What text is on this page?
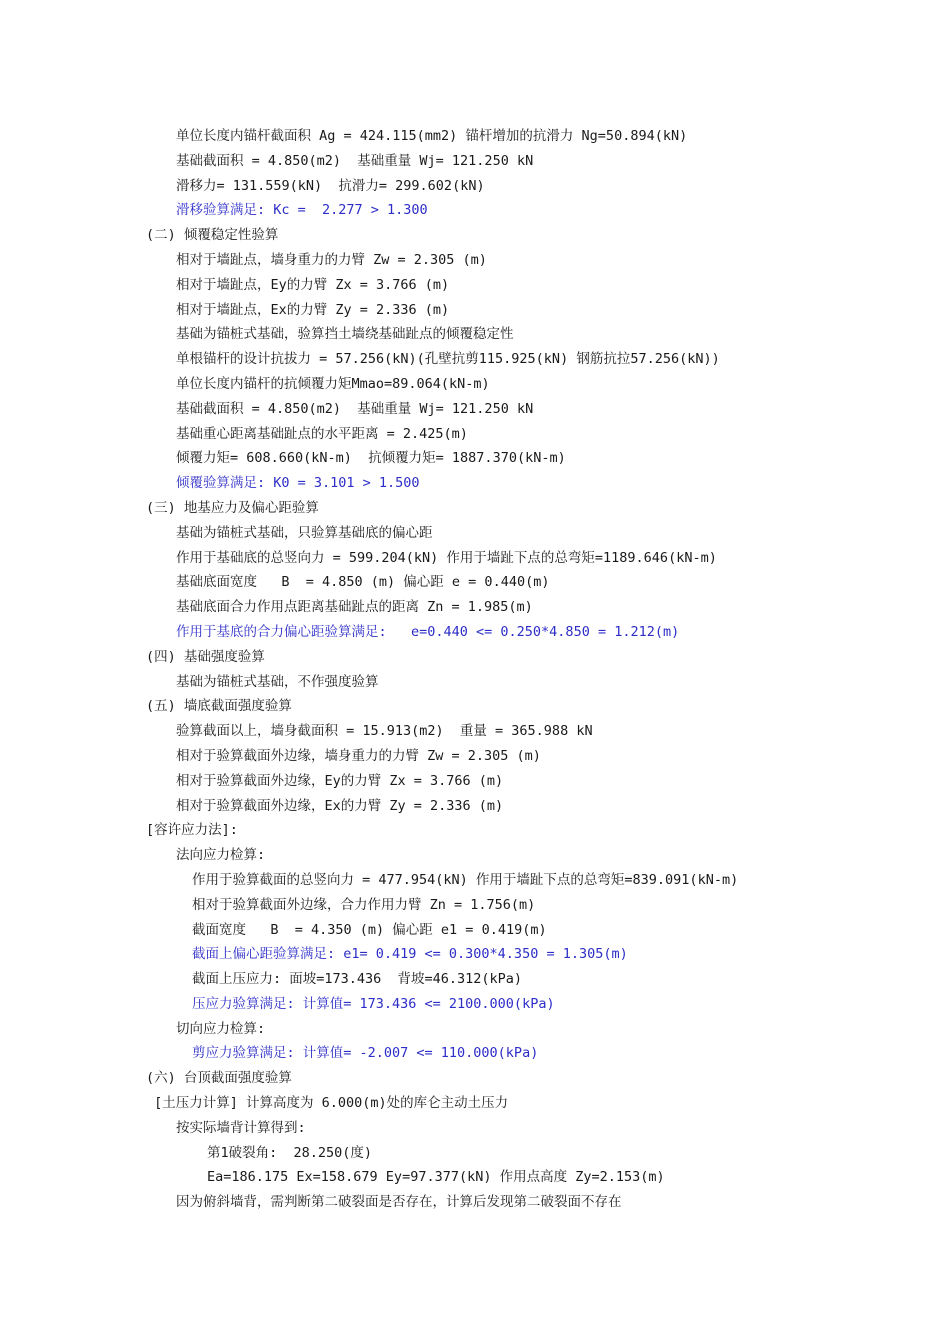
单位长度内锚杆截面积 Ag = 424.115(mm2) 锚杆增加的抗滑力 Ng=50.894(kN)
基础截面积 = 4.850(m2)  基础重量 Wj= 121.250 kN
滑移力= 131.559(kN)  抗滑力= 299.602(kN)
滑移验算满足: Kc =  2.277 > 1.300
(二) 倾覆稳定性验算
相对于墙趾点，墙身重力的力臂 Zw = 2.305 (m)
相对于墙趾点，Ey的力臂 Zx = 3.766 (m)
相对于墙趾点，Ex的力臂 Zy = 2.336 (m)
基础为锚桩式基础，验算挡土墙绕基础趾点的倾覆稳定性
单根锚杆的设计抗拔力 = 57.256(kN)(孔壁抗剪115.925(kN) 钢筋抗拉57.256(kN))
单位长度内锚杆的抗倾覆力矩Mmao=89.064(kN-m)
基础截面积 = 4.850(m2)  基础重量 Wj= 121.250 kN
基础重心距离基础趾点的水平距离 = 2.425(m)
倾覆力矩= 608.660(kN-m)  抗倾覆力矩= 1887.370(kN-m)
倾覆验算满足: K0 = 3.101 > 1.500
(三) 地基应力及偏心距验算
基础为锚桩式基础，只验算基础底的偏心距
作用于基础底的总竖向力 = 599.204(kN) 作用于墙趾下点的总弯矩=1189.646(kN-m)
基础底面宽度   B  = 4.850 (m) 偏心距 e = 0.440(m)
基础底面合力作用点距离基础趾点的距离 Zn = 1.985(m)
作用于基底的合力偏心距验算满足:   e=0.440 <= 0.250*4.850 = 1.212(m)
(四) 基础强度验算
基础为锚桩式基础，不作强度验算
(五) 墙底截面强度验算
验算截面以上，墙身截面积 = 15.913(m2)  重量 = 365.988 kN
相对于验算截面外边缘，墙身重力的力臂 Zw = 2.305 (m)
相对于验算截面外边缘，Ey的力臂 Zx = 3.766 (m)
相对于验算截面外边缘，Ex的力臂 Zy = 2.336 (m)
[容许应力法]:
法向应力检算:
作用于验算截面的总竖向力 = 477.954(kN) 作用于墙趾下点的总弯矩=839.091(kN-m)
相对于验算截面外边缘，合力作用力臂 Zn = 1.756(m)
截面宽度   B  = 4.350 (m) 偏心距 e1 = 0.419(m)
截面上偏心距验算满足: e1= 0.419 <= 0.300*4.350 = 1.305(m)
截面上压应力: 面坡=173.436  背坡=46.312(kPa)
压应力验算满足: 计算值= 173.436 <= 2100.000(kPa)
切向应力检算:
剪应力验算满足: 计算值= -2.007 <= 110.000(kPa)
(六) 台顶截面强度验算
[土压力计算] 计算高度为 6.000(m)处的库仑主动土压力
按实际墙背计算得到:
第1破裂角:  28.250(度)
Ea=186.175 Ex=158.679 Ey=97.377(kN) 作用点高度 Zy=2.153(m)
因为俯斜墙背，需判断第二破裂面是否存在，计算后发现第二破裂面不存在
